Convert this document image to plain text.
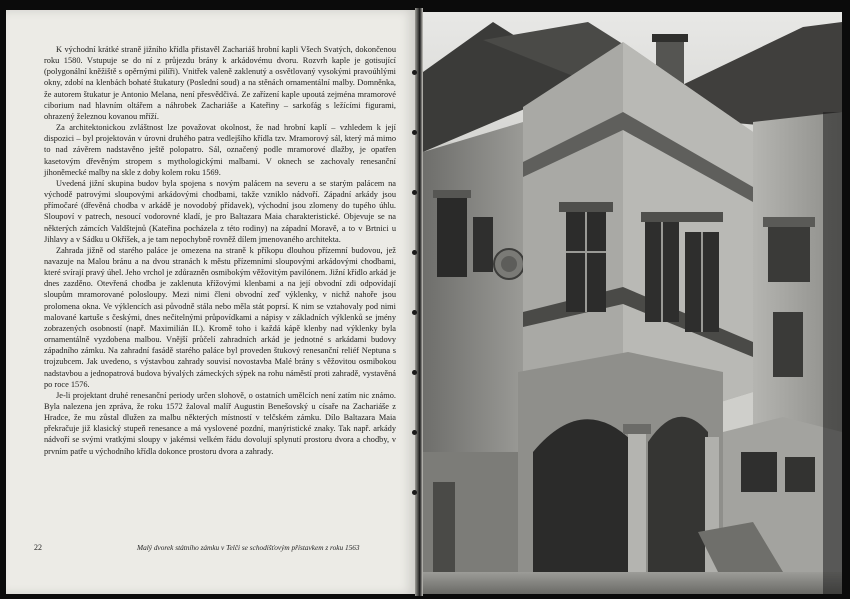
K východní krátké straně jižního křídla přistavěl Zachariáš hrobní kapli Všech Svatých, dokončenou roku 1580. Vstupuje se do ní z průjezdu brány k arkádovému dvoru. Rozvrh kaple je gotisující (polygonální kněžiště s opěrnými pilíři). Vnitřek valeně zaklenutý a osvětlovaný vysokými pravoúhlými okny, zdobí na klenbách bohaté štukatury (Poslední soud) a na stěnách ornamentální malby. Domněnka, že autorem štukatur je Antonio Melana, není přesvědčivá. Ze zařízení kaple upoutá zejména mramorové ciborium nad hlavním oltářem a náhrobek Zachariáše a Kateřiny – sarkofág s ležícími figurami, ohrazený železnou kovanou mříží.

Za architektonickou zvláštnost lze považovat okolnost, že nad hrobní kaplí – vzhledem k její dispozici – byl projektován v úrovni druhého patra vedlejšího křídla tzv. Mramorový sál, který má mimo to nad závěrem nadstavěno ještě polopatro. Sál, označený podle mramorové dlažby, je opatřen kasetovým dřevěným stropem s mythologickými malbami. V oknech se zachovaly renesanční jihoněmecké malby na skle z doby kolem roku 1569.

Uvedená jižní skupina budov byla spojena s novým palácem na severu a se starým palácem na východě patrovými sloupovými arkádovými chodbami, takže vzniklo nádvoří. Západní arkády jsou přímočaré (dřevěná chodba v arkádě je novodobý přídavek), východní jsou zlomeny do tupého úhlu. Sloupoví v patrech, nesoucí vodorovné kladí, je pro Baltazara Maia charakteristické. Objevuje se na některých zámcích Valdštejnů (Kateřina pocházela z této rodiny) na západní Moravě, a to v Brtnici u Jihlavy a v Sádku u Okříšek, a je tam nepochybně rovněž dílem jmenovaného architekta.

Zahrada jižně od starého paláce je omezena na straně k příkopu dlouhou přízemní budovou, jež navazuje na Malou bránu a na dvou stranách k městu přízemními sloupovými arkádovými chodbami, které svírají pravý úhel. Jeho vrchol je zdůrazněn osmibokým věžovitým pavilónem. Jižní křídlo arkád je dnes zazděno. Otevřená chodba je zaklenuta křížovými klenbami a na její obvodní zdi odpovídají sloupům mramorované polosloupy. Mezi nimi členi obvodní zeď výklenky, v nichž nahoře jsou prolomena okna. Ve výklencích asi původně stála nebo měla stát poprsí. K nim se vztahovaly pod nimi malované kartuše s českými, dnes nečitelnými průpovídkami a nápisy v základních výklenků se jmény zobrazených osobností (např. Maximilián II.). Kromě toho i každá kápě klenby nad výklenky byla ornamentálně vyzdobena malbou. Vnější průčelí zahradních arkád je jednotné s arkádami budovy západního zámku. Na zahradní fasádě starého paláce byl proveden štukový renesanční reliéf Neptuna s trojzubcem. Jak uvedeno, s výstavbou zahrady souvisí novostavba Malé brány s věžovitou osmibokou nadstavbou a jednopatrová budova bývalých zámeckých sýpek na rohu náměstí proti zahradě, vystavěná po roce 1576.

Je-li projektant druhé renesanční periody určen slohově, o ostatních umělcích není zatím nic známo. Byla nalezena jen zpráva, že roku 1572 žaloval malíř Augustin Benešovský u císaře na Zachariáše z Hradce, že mu zůstal dlužen za malbu některých místností v telčském zámku. Dílo Baltazara Maia překračuje již klasický stupeň renesance a má vyslovené pozdní, manýristické znaky. Tak např. arkády nádvoří se svými vratkými sloupy v jakémsi velkém řádu dovolují splynutí prostoru dvora a chodby, v prvním patře u východního křídla dokonce prostoru dvora a zahrady.

22	Malý dvorek státního zámku v Telči se schodišťovým přístavkem z roku 1563
